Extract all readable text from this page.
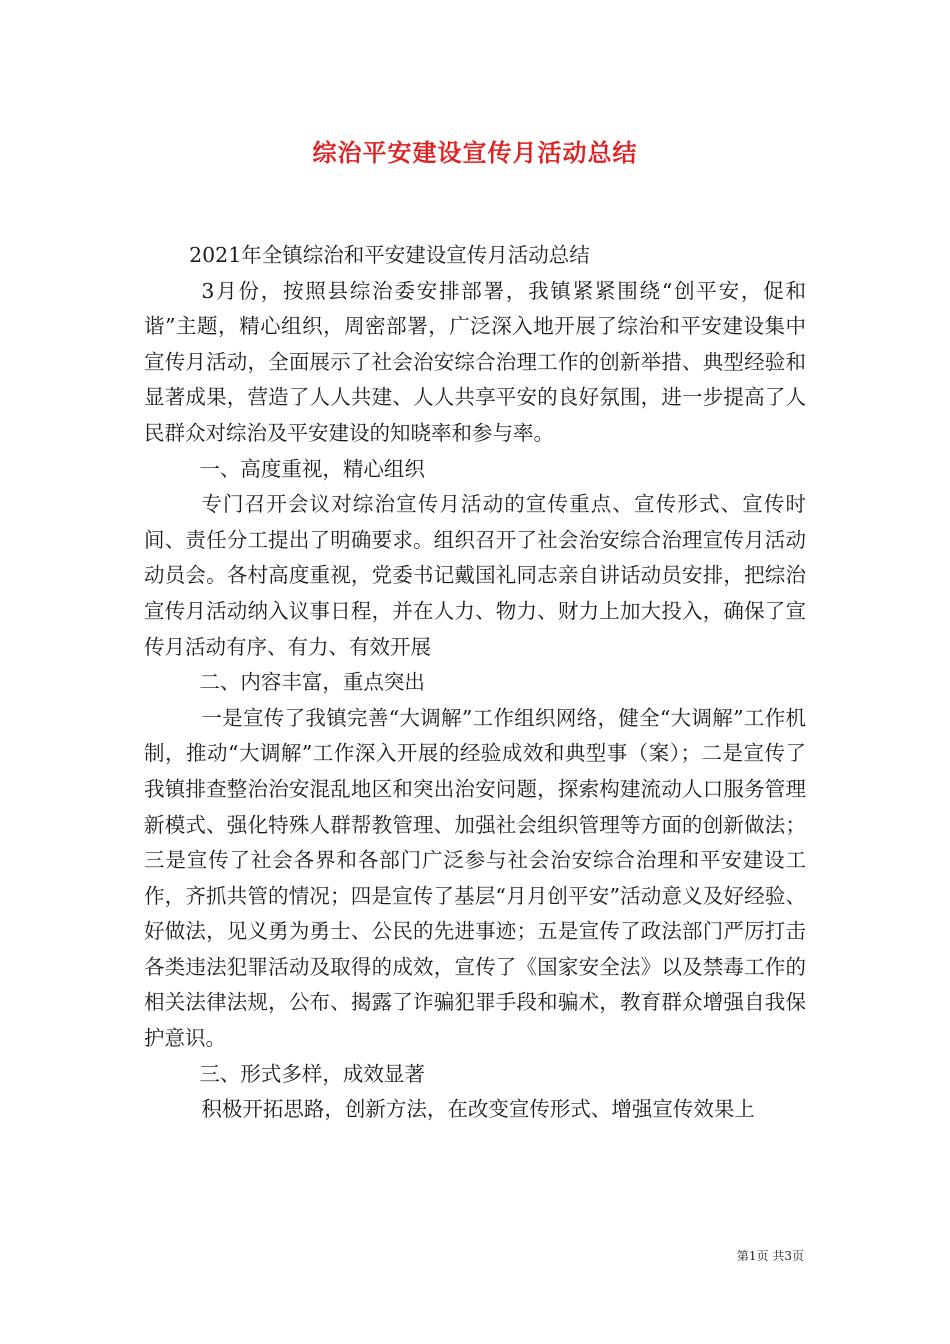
综治平安建设宣传月活动总结

2021年全镇综治和平安建设宣传月活动总结

3月份，按照县综治委安排部署，我镇紧紧围绕“创平安，促和谐”主题，精心组织，周密部署，广泛深入地开展了综治和平安建设集中宣传月活动，全面展示了社会治安综合治理工作的创新举措、典型经验和显著成果，营造了人人共建、人人共享平安的良好氛围，进一步提高了人民群众对综治及平安建设的知晓率和参与率。

一、高度重视，精心组织

专门召开会议对综治宣传月活动的宣传重点、宣传形式、宣传时间、责任分工提出了明确要求。组织召开了社会治安综合治理宣传月活动动员会。各村高度重视，党委书记戴国礼同志亲自讲话动员安排，把综治宣传月活动纳入议事日程，并在人力、物力、财力上加大投入，确保了宣传月活动有序、有力、有效开展

二、内容丰富，重点突出

一是宣传了我镇完善“大调解”工作组织网络，健全“大调解”工作机制，推动“大调解”工作深入开展的经验成效和典型事（案）；二是宣传了我镇排查整治治安混乱地区和突出治安问题，探索构建流动人口服务管理新模式、强化特殊人群帮教管理、加强社会组织管理等方面的创新做法；三是宣传了社会各界和各部门广泛参与社会治安综合治理和平安建设工作，齐抓共管的情况；四是宣传了基层“月月创平安”活动意义及好经验、好做法，见义勇为勇士、公民的先进事迹；五是宣传了政法部门严厉打击各类违法犯罪活动及取得的成效，宣传了《国家安全法》以及禁毒工作的相关法律法规，公布、揭露了诈骗犯罪手段和骗术，教育群众增强自我保护意识。

三、形式多样，成效显著

积极开拓思路，创新方法，在改变宣传形式、增强宣传效果上

第1页 共3页
